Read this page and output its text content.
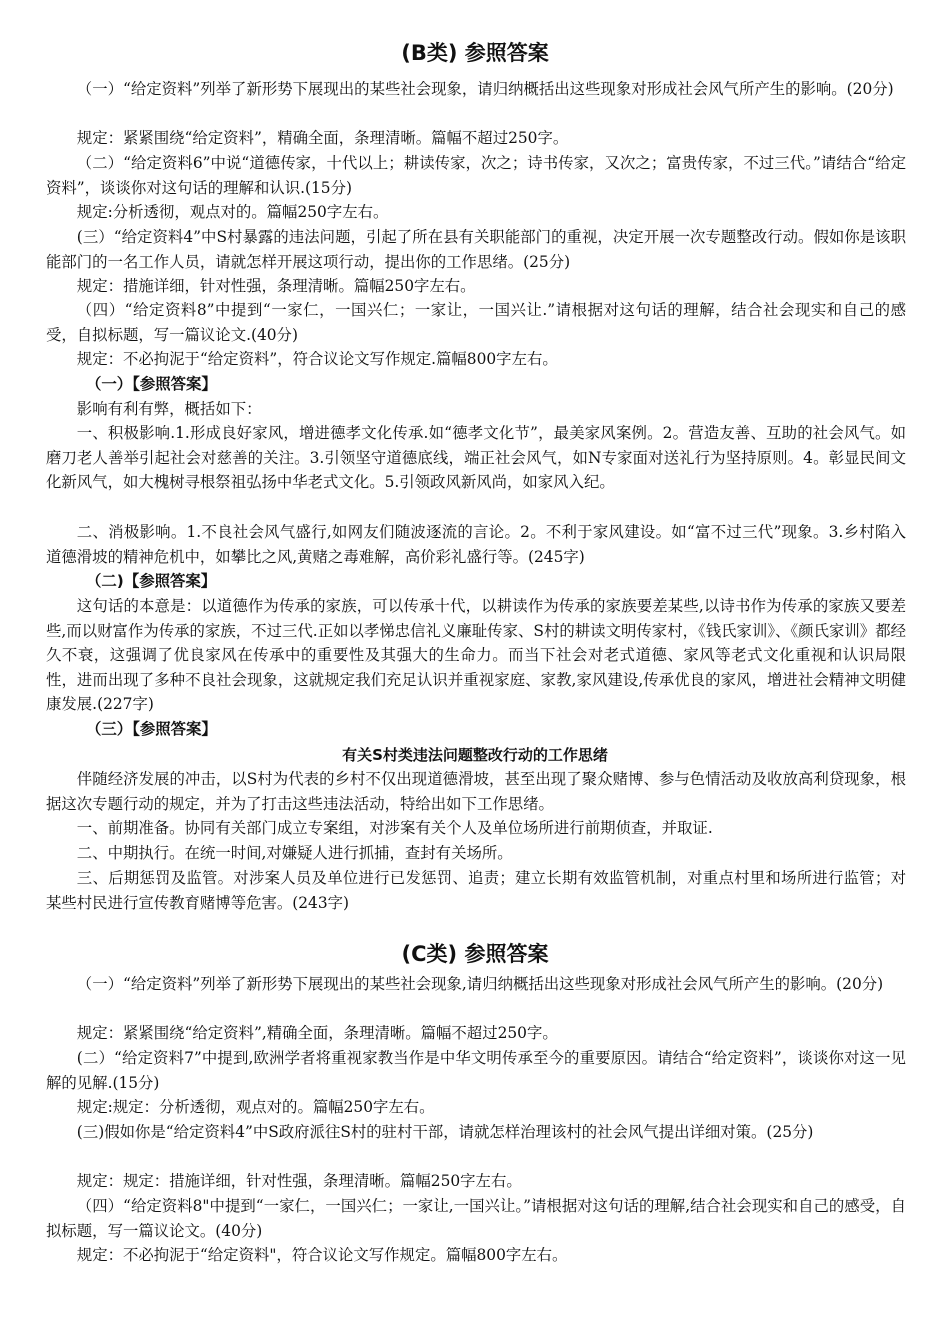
(B类) 参照答案

（一）“给定资料”列举了新形势下展现出的某些社会现象，请归纳概括出这些现象对形成社会风气所产生的影响。(20分)

规定：紧紧围绕“给定资料”，精确全面，条理清晰。篇幅不超过250字。

（二）“给定资料6”中说“道德传家，十代以上；耕读传家，次之；诗书传家，又次之；富贵传家，不过三代。”请结合“给定资料”，谈谈你对这句话的理解和认识.(15分)

规定:分析透彻，观点对的。篇幅250字左右。

(三）“给定资料4”中S村暴露的违法问题，引起了所在县有关职能部门的重视，决定开展一次专题整改行动。假如你是该职能部门的一名工作人员，请就怎样开展这项行动，提出你的工作思绪。(25分)

规定：措施详细，针对性强，条理清晰。篇幅250字左右。

（四）“给定资料8”中提到“一家仁，一国兴仁；一家让，一国兴让.”请根据对这句话的理解，结合社会现实和自己的感受，自拟标题，写一篇议论文.(40分)

规定：不必拘泥于“给定资料”，符合议论文写作规定.篇幅800字左右。
（一）【参照答案】
影响有利有弊，概括如下：

一、积极影响.1.形成良好家风，增进德孝文化传承.如“德孝文化节”，最美家风案例。2。营造友善、互助的社会风气。如磨刀老人善举引起社会对慈善的关注。3.引领坚守道德底线，端正社会风气，如N专家面对送礼行为坚持原则。4。彰显民间文化新风气，如大槐树寻根祭祖弘扬中华老式文化。5.引领政风新风尚，如家风入纪。

二、消极影响。1.不良社会风气盛行,如网友们随波逐流的言论。2。不利于家风建设。如“富不过三代”现象。3.乡村陷入道德滑坡的精神危机中，如攀比之风,黄赌之毒难解，高价彩礼盛行等。(245字)

（二)【参照答案】

这句话的本意是：以道德作为传承的家族，可以传承十代，以耕读作为传承的家族要差某些,以诗书作为传承的家族又要差些,而以财富作为传承的家族，不过三代.正如以孝悌忠信礼义廉耻传家、S村的耕读文明传家村，《钱氏家训》、《颜氏家训》都经久不衰，这强调了优良家风在传承中的重要性及其强大的生命力。而当下社会对老式道德、家风等老式文化重视和认识局限性，进而出现了多种不良社会现象，这就规定我们充足认识并重视家庭、家教,家风建设,传承优良的家风，增进社会精神文明健康发展.(227字)

（三）【参照答案】
有关S村类违法问题整改行动的工作思绪

伴随经济发展的冲击，以S村为代表的乡村不仅出现道德滑坡，甚至出现了聚众赌博、参与色情活动及收放高利贷现象，根据这次专题行动的规定，并为了打击这些违法活动，特给出如下工作思绪。

一、前期准备。协同有关部门成立专案组，对涉案有关个人及单位场所进行前期侦查，并取证.
二、中期执行。在统一时间,对嫌疑人进行抓捕，查封有关场所。

三、后期惩罚及监管。对涉案人员及单位进行已发惩罚、追责；建立长期有效监管机制，对重点村里和场所进行监管；对某些村民进行宣传教育赌博等危害。(243字)

(C类) 参照答案

（一）“给定资料”列举了新形势下展现出的某些社会现象,请归纳概括出这些现象对形成社会风气所产生的影响。(20分)

规定：紧紧围绕“给定资料”,精确全面，条理清晰。篇幅不超过250字。

(二）“给定资料7”中提到,欧洲学者将重视家教当作是中华文明传承至今的重要原因。请结合“给定资料”，谈谈你对这一见解的见解.(15分)

规定:规定：分析透彻，观点对的。篇幅250字左右。

(三)假如你是“给定资料4”中S政府派往S村的驻村干部，请就怎样治理该村的社会风气提出详细对策。(25分)

规定：规定：措施详细，针对性强，条理清晰。篇幅250字左右。

（四）“给定资料8"中提到“一家仁，一国兴仁；一家让,一国兴让。”请根据对这句话的理解,结合社会现实和自己的感受，自拟标题，写一篇议论文。(40分)

规定：不必拘泥于“给定资料"，符合议论文写作规定。篇幅800字左右。
